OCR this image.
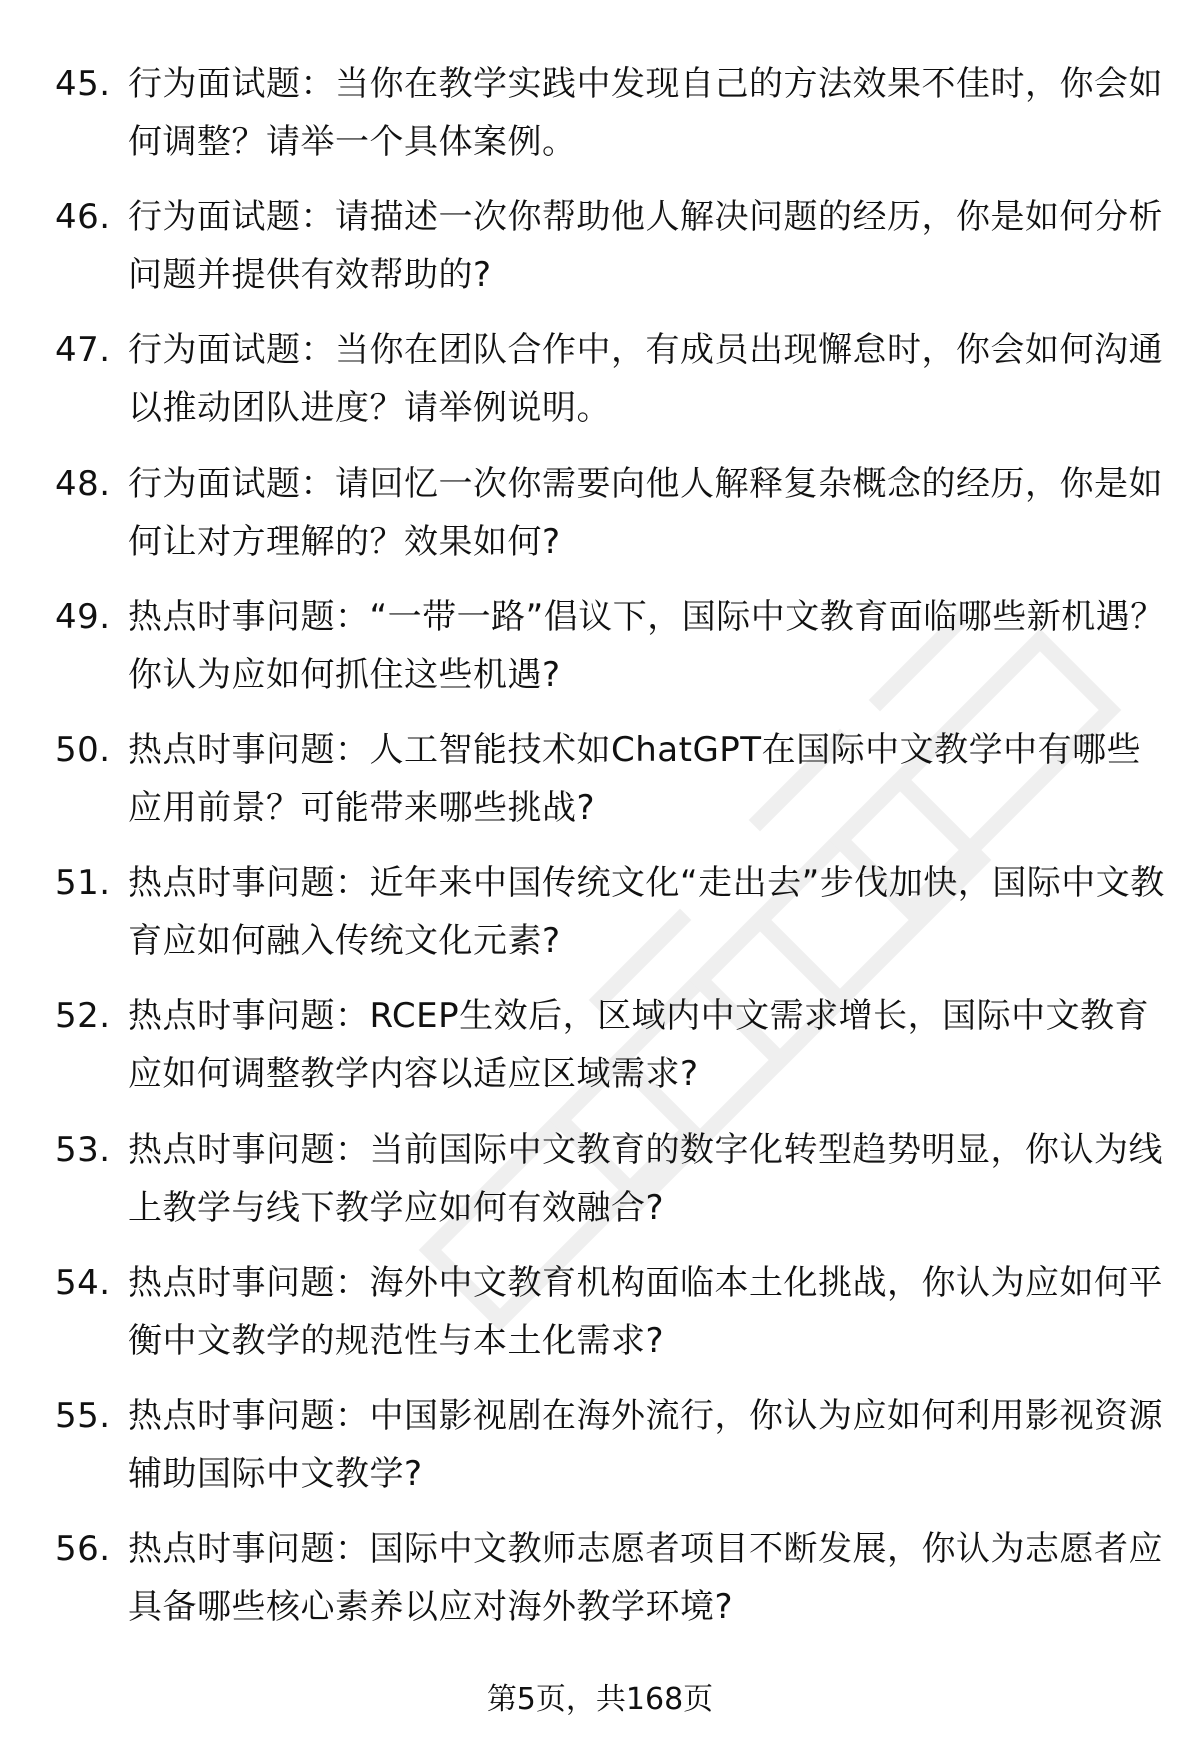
45. 行为面试题：当你在教学实践中发现自己的方法效果不佳时，你会如何调整？请举一个具体案例。
46. 行为面试题：请描述一次你帮助他人解决问题的经历，你是如何分析问题并提供有效帮助的?
47. 行为面试题：当你在团队合作中，有成员出现懈怠时，你会如何沟通以推动团队进度？请举例说明。
48. 行为面试题：请回忆一次你需要向他人解释复杂概念的经历，你是如何让对方理解的？效果如何?
49. 热点时事问题：“一带一路”倡议下，国际中文教育面临哪些新机遇？你认为应如何抓住这些机遇?
50. 热点时事问题：人工智能技术如ChatGPT在国际中文教学中有哪些应用前景？可能带来哪些挑战?
51. 热点时事问题：近年来中国传统文化“走出去”步伐加快，国际中文教育应如何融入传统文化元素?
52. 热点时事问题：RCEP生效后，区域内中文需求增长，国际中文教育应如何调整教学内容以适应区域需求?
53. 热点时事问题：当前国际中文教育的数字化转型趋势明显，你认为线上教学与线下教学应如何有效融合?
54. 热点时事问题：海外中文教育机构面临本土化挑战，你认为应如何平衡中文教学的规范性与本土化需求?
55. 热点时事问题：中国影视剧在海外流行，你认为应如何利用影视资源辅助国际中文教学?
56. 热点时事问题：国际中文教师志愿者项目不断发展，你认为志愿者应具备哪些核心素养以应对海外教学环境?
第5页，共168页
